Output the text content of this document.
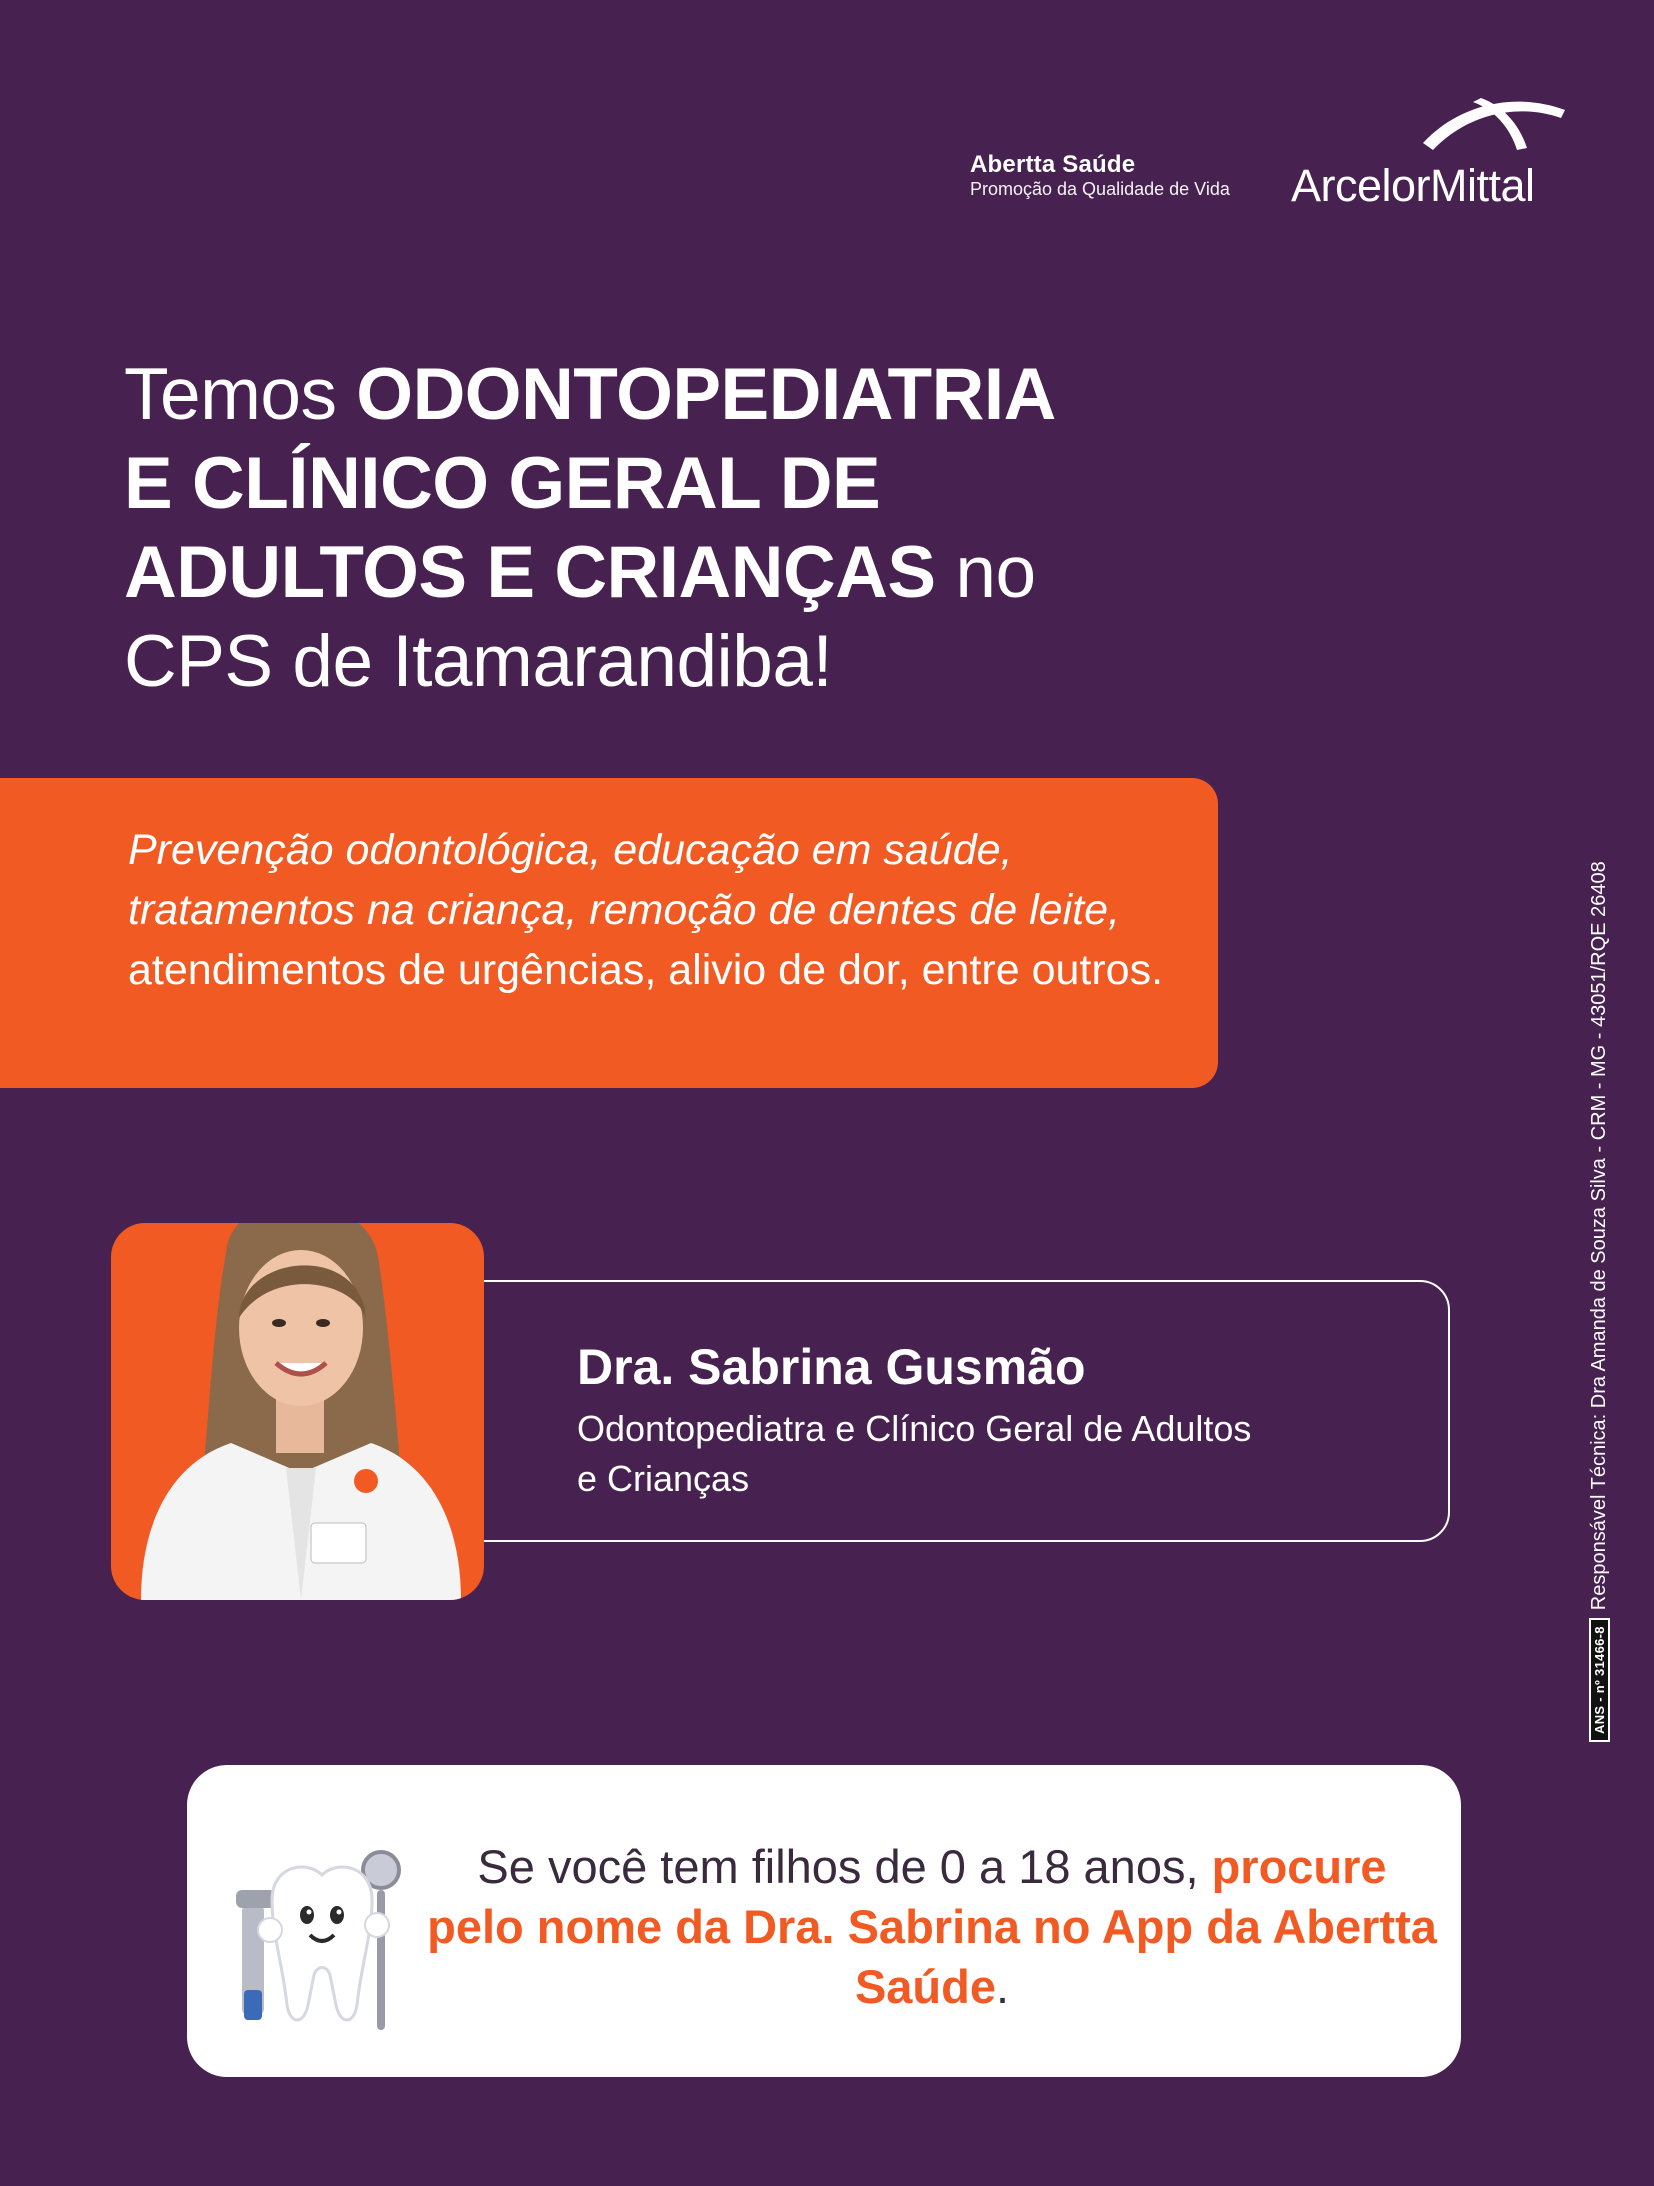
Abertta Saúde
Promoção da Qualidade de Vida ArcelorMittal
Temos ODONTOPEDIATRIA
E CLÍNICO GERAL DE
ADULTOS E CRIANÇAS no
CPS de Itamarandiba!
Prevenção odontológica, educação em saúde, tratamentos na criança, remoção de dentes de leite, atendimentos de urgências, alivio de dor, entre outros.
Dra. Sabrina Gusmão
Odontopediatra e Clínico Geral de Adultos e Crianças
ANS - nº 31466-8
Responsável Técnica: Dra Amanda de Souza Silva - CRM - MG - 43051/RQE 26408
Se você tem filhos de 0 a 18 anos, procure pelo nome da Dra. Sabrina no App da Abertta Saúde.
